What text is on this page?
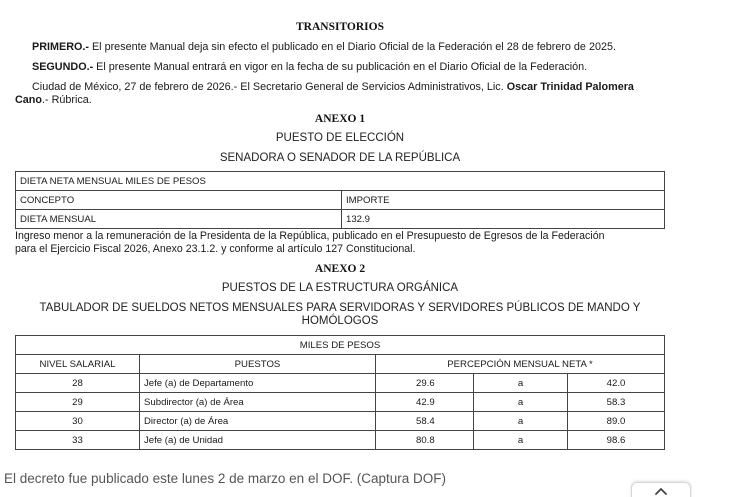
TRANSITORIOS
PRIMERO.- El presente Manual deja sin efecto el publicado en el Diario Oficial de la Federación el 28 de febrero de 2025.
SEGUNDO.- El presente Manual entrará en vigor en la fecha de su publicación en el Diario Oficial de la Federación.
Ciudad de México, 27 de febrero de 2026.- El Secretario General de Servicios Administrativos, Lic. Oscar Trinidad Palomera
Cano.- Rúbrica.
ANEXO 1
PUESTO DE ELECCIÓN
SENADORA O SENADOR DE LA REPÚBLICA
DIETA NETA MENSUAL MILES DE PESOS	
CONCEPTO	IMPORTE
DIETA MENSUAL	132.9
Ingreso menor a la remuneración de la Presidenta de la República, publicado en el Presupuesto de Egresos de la Federación
para el Ejercicio Fiscal 2026, Anexo 23.1.2. y conforme al artículo 127 Constitucional.
ANEXO 2
PUESTOS DE LA ESTRUCTURA ORGÁNICA
TABULADOR DE SUELDOS NETOS MENSUALES PARA SERVIDORAS Y SERVIDORES PÚBLICOS DE MANDO Y
HOMÓLOGOS
MILES DE PESOS				
NIVEL SALARIAL	PUESTOS	PERCEPCIÓN MENSUAL NETA *		
28	Jefe (a) de Departamento	29.6	a	42.0
29	Subdirector (a) de Área	42.9	a	58.3
30	Director (a) de Área	58.4	a	89.0
33	Jefe (a) de Unidad	80.8	a	98.6
El decreto fue publicado este lunes 2 de marzo en el DOF. (Captura DOF)
